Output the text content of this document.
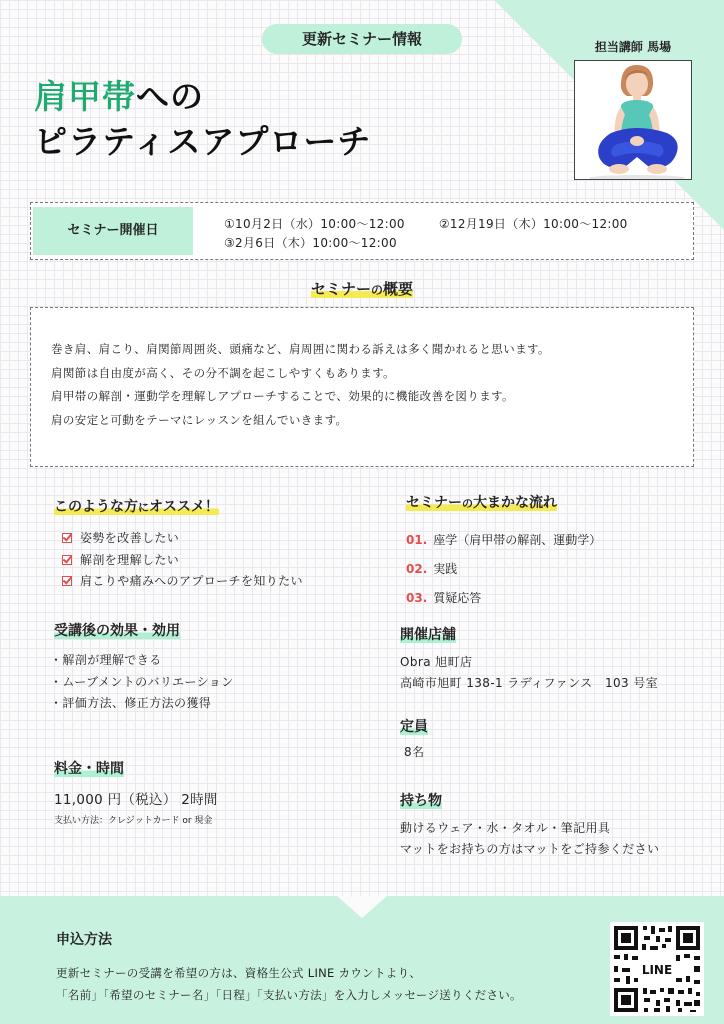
更新セミナー情報
肩甲帯への
ピラティスアプローチ
担当講師 馬場
セミナー開催日	①10月2日（水）10:00～12:00	②12月19日（木）10:00～12:00
③2月6日（木）10:00～12:00
セミナーの概要

巻き肩、肩こり、肩関節周囲炎、頭痛など、肩周囲に関わる訴えは多く聞かれると思います。

肩関節は自由度が高く、その分不調を起こしやすくもあります。

肩甲帯の解剖・運動学を理解しアプローチすることで、効果的に機能改善を図ります。

肩の安定と可動をテーマにレッスンを組んでいきます。

このような方にオススメ！
姿勢を改善したい
解剖を理解したい
肩こりや痛みへのアプローチを知りたい
セミナーの大まかな流れ
01. 座学（肩甲帯の解剖、運動学）
02. 実践
03. 質疑応答
受講後の効果・効用
・解剖が理解できる
・ムーブメントのバリエーション
・評価方法、修正方法の獲得
開催店舗
Obra 旭町店
高崎市旭町 138-1 ラディファンス　103 号室
定員
8名
料金・時間
11,000 円（税込） 2時間
支払い方法：クレジットカード or 現金
持ち物
動けるウェア・水・タオル・筆記用具
マットをお持ちの方はマットをご持参ください
申込方法
更新セミナーの受講を希望の方は、資格生公式 LINE カウントより、
「名前」「希望のセミナー名」「日程」「支払い方法」を入力しメッセージ送りください。
LINE
